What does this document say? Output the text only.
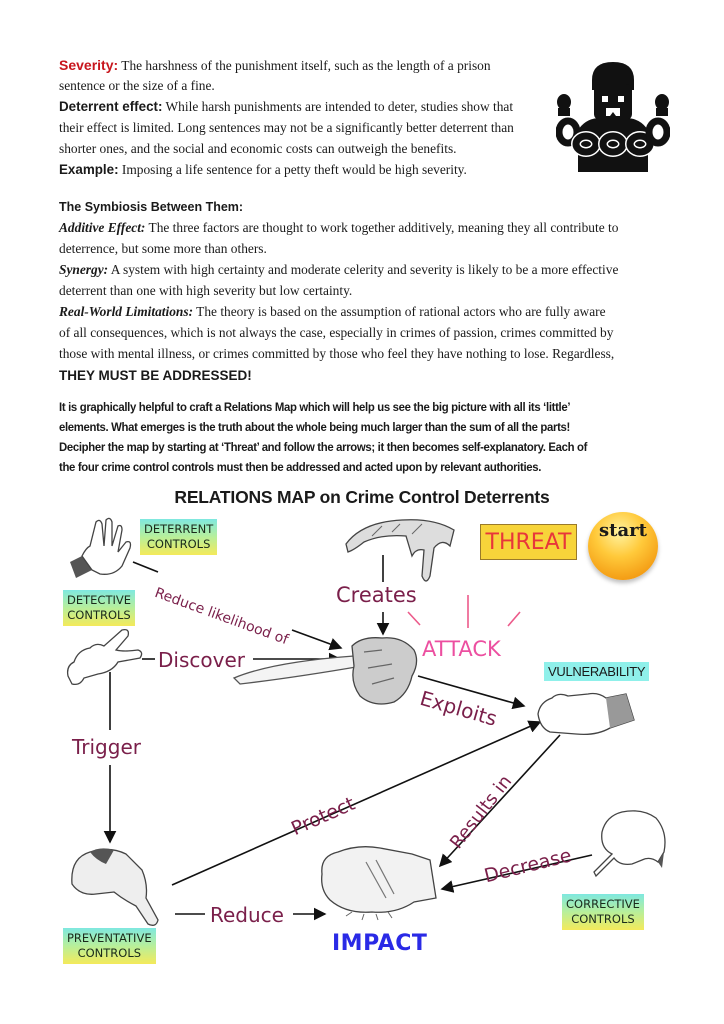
Severity: The harshness of the punishment itself, such as the length of a prison
sentence or the size of a fine.
Deterrent effect: While harsh punishments are intended to deter, studies show that
their effect is limited. Long sentences may not be a significantly better deterrent than
shorter ones, and the social and economic costs can outweigh the benefits.
Example: Imposing a life sentence for a petty theft would be high severity.
The Symbiosis Between Them:
Additive Effect: The three factors are thought to work together additively, meaning they all contribute to
deterrence, but some more than others.
Synergy: A system with high certainty and moderate celerity and severity is likely to be a more effective
deterrent than one with high severity but low certainty.
Real-World Limitations: The theory is based on the assumption of rational actors who are fully aware
of all consequences, which is not always the case, especially in crimes of passion, crimes committed by
those with mental illness, or crimes committed by those who feel they have nothing to lose. Regardless,
THEY MUST BE ADDRESSED!
It is graphically helpful to craft a Relations Map which will help us see the big picture with all its ‘little’
elements. What emerges is the truth about the whole being much larger than the sum of all the parts!
Decipher the map by starting at ‘Threat’ and follow the arrows; it then becomes self-explanatory. Each of
the four crime control controls must then be addressed and acted upon by relevant authorities.
RELATIONS MAP on Crime Control Deterrents
DETERRENT
CONTROLS
DETECTIVE
CONTROLS
PREVENTATIVE
CONTROLS
CORRECTIVE
CONTROLS
THREAT	start
ATTACK
VULNERABILITY
IMPACT
Reduce likelihood of Creates
Discover
Exploits
Trigger
Protect	Results in
Decrease
Reduce
